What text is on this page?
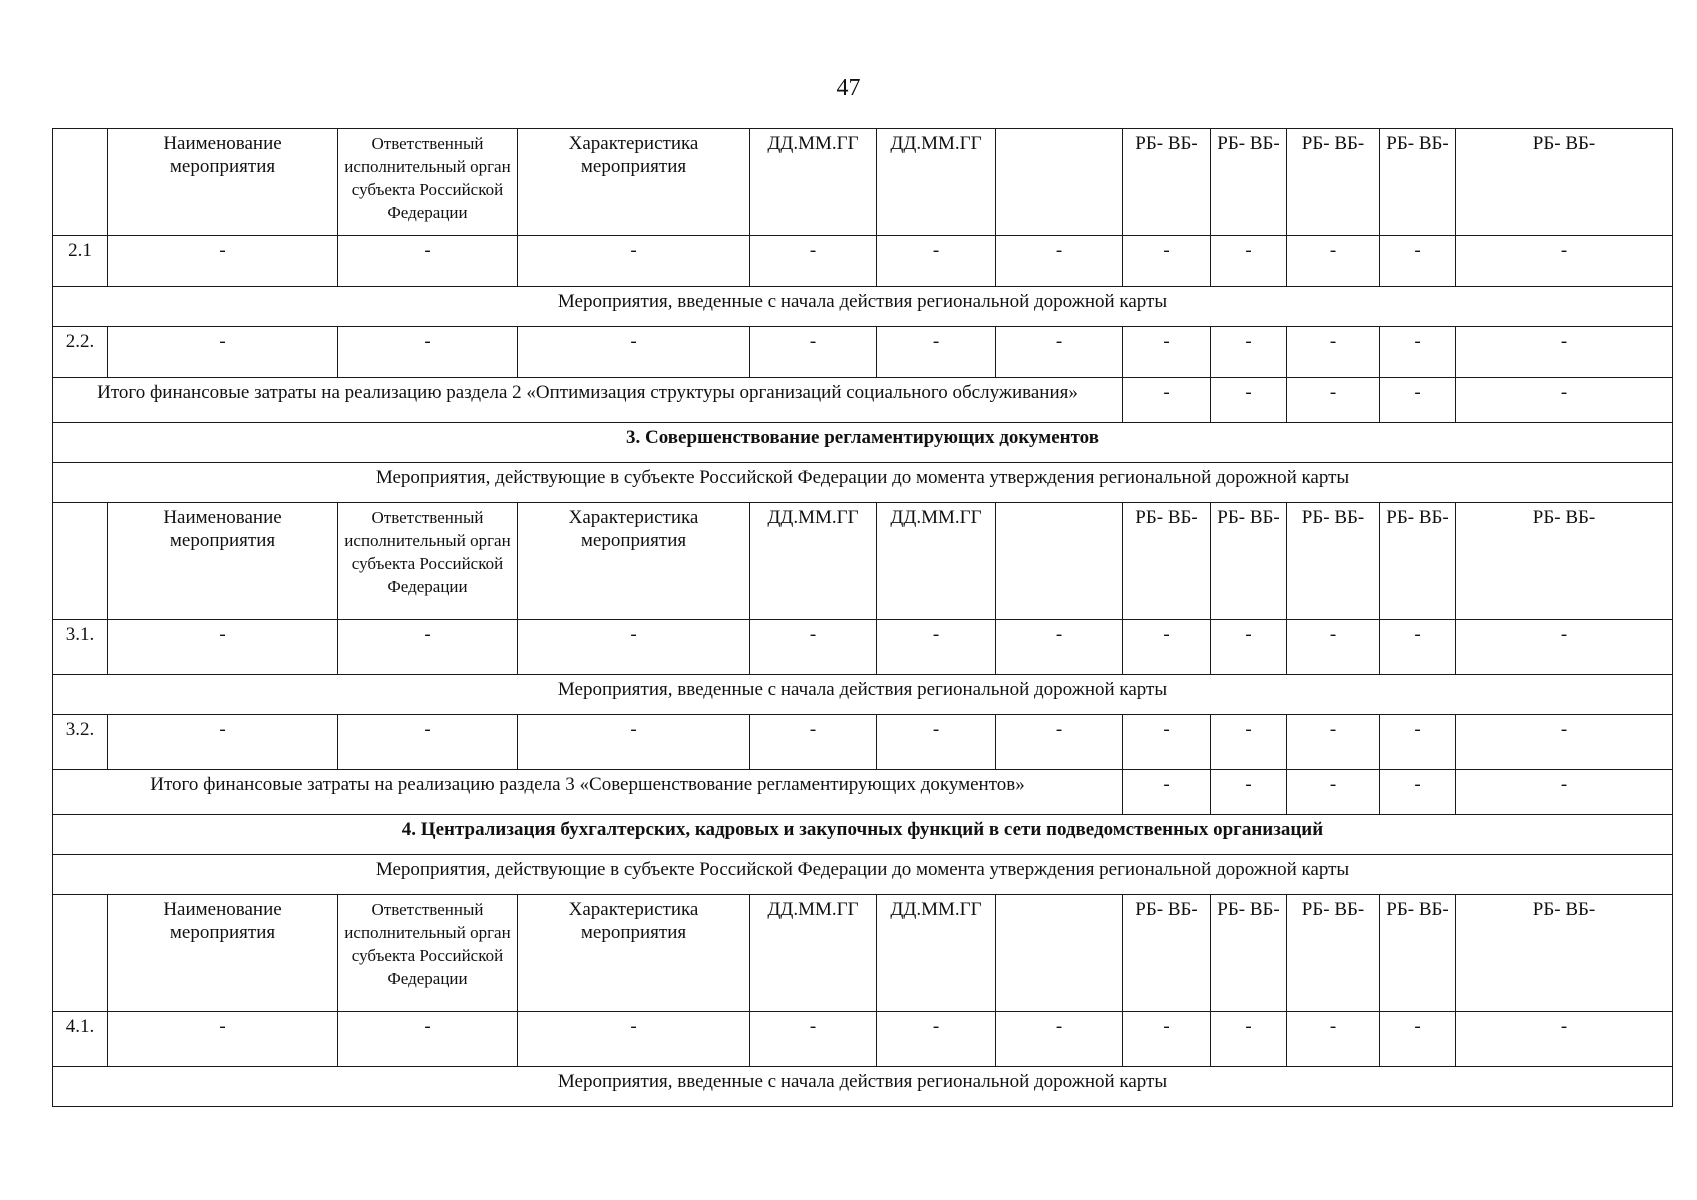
47
	Наименование мероприятия	Ответственный исполнительный орган субъекта Российской Федерации	Характеристика мероприятия	ДД.ММ.ГГ	ДД.ММ.ГГ		РБ- ВБ-	РБ- ВБ-	РБ- ВБ-	РБ- ВБ-	РБ- ВБ-
2.1	-	-	-	-	-	-	-	-	-	-	-
Мероприятия, введенные с начала действия региональной дорожной карты											
2.2.	-	-	-	-	-	-	-	-	-	-	-
Итого финансовые затраты на реализацию раздела 2 «Оптимизация структуры организаций социального обслуживания»							-	-	-	-	-
3. Совершенствование регламентирующих документов											
Мероприятия, действующие в субъекте Российской Федерации до момента утверждения региональной дорожной карты											
	Наименование мероприятия	Ответственный исполнительный орган субъекта Российской Федерации	Характеристика мероприятия	ДД.ММ.ГГ	ДД.ММ.ГГ		РБ- ВБ-	РБ- ВБ-	РБ- ВБ-	РБ- ВБ-	РБ- ВБ-
3.1.	-	-	-	-	-	-	-	-	-	-	-
Мероприятия, введенные с начала действия региональной дорожной карты											
3.2.	-	-	-	-	-	-	-	-	-	-	-
Итого финансовые затраты на реализацию раздела 3 «Совершенствование регламентирующих документов»							-	-	-	-	-
4. Централизация бухгалтерских, кадровых и закупочных функций в сети подведомственных организаций											
Мероприятия, действующие в субъекте Российской Федерации до момента утверждения региональной дорожной карты											
	Наименование мероприятия	Ответственный исполнительный орган субъекта Российской Федерации	Характеристика мероприятия	ДД.ММ.ГГ	ДД.ММ.ГГ		РБ- ВБ-	РБ- ВБ-	РБ- ВБ-	РБ- ВБ-	РБ- ВБ-
4.1.	-	-	-	-	-	-	-	-	-	-	-
Мероприятия, введенные с начала действия региональной дорожной карты											
